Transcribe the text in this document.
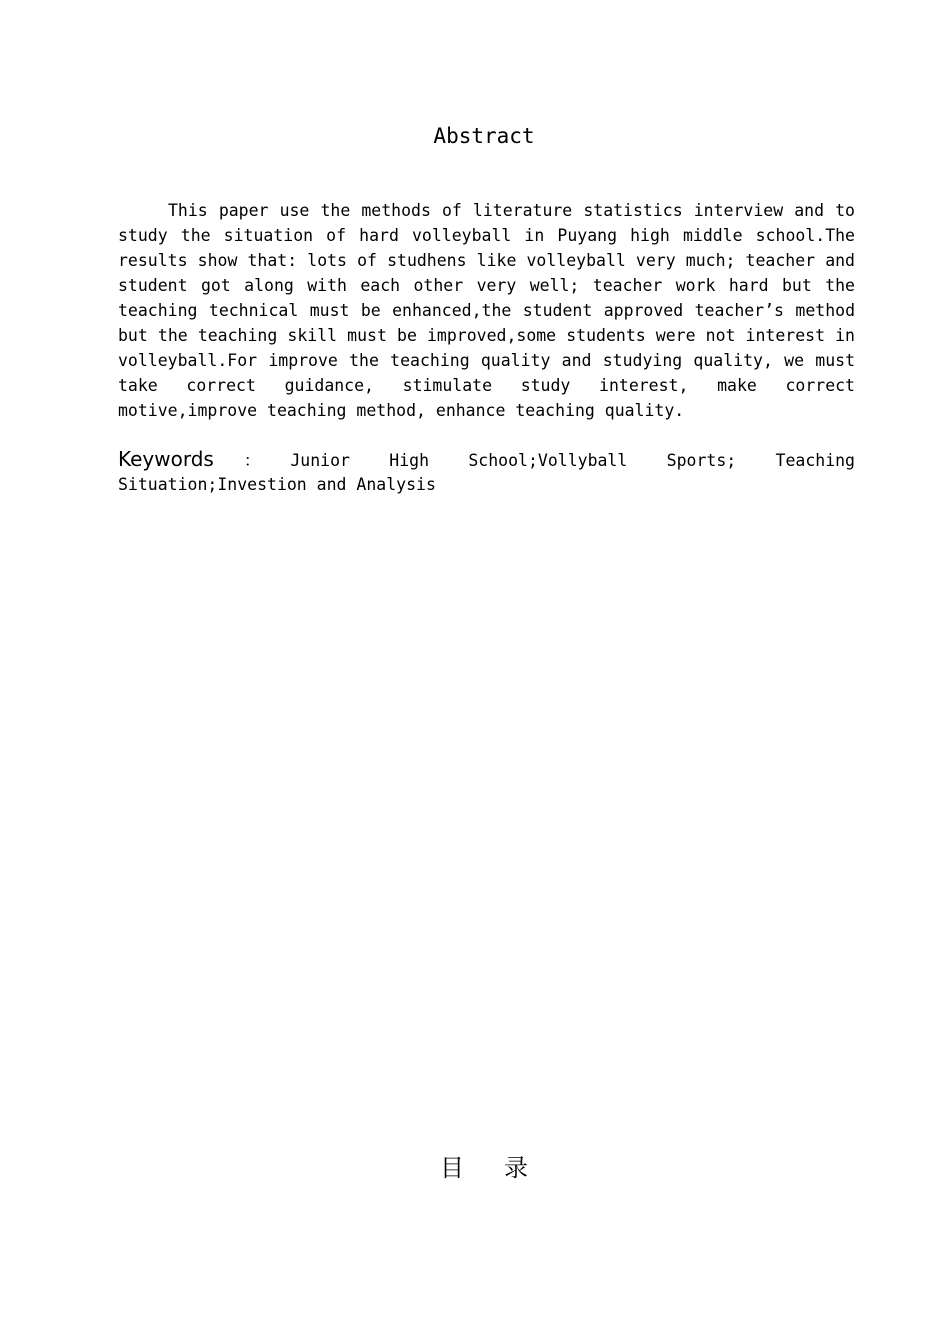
Abstract

This paper use the methods of literature statistics interview and to study the situation of hard volleyball in Puyang high middle school.The results show that: lots of studhens like volleyball very much; teacher and student got along with each other very well; teacher work hard but the teaching technical must be enhanced,the student approved teacher’s method but the teaching skill must be improved,some students were not interest in volleyball.For improve the teaching quality and studying quality, we must take correct guidance, stimulate study interest, make correct motive,improve teaching method, enhance teaching quality.

Keywords ： Junior High School;Vollyball Sports; Teaching Situation;Investion and Analysis

目录
